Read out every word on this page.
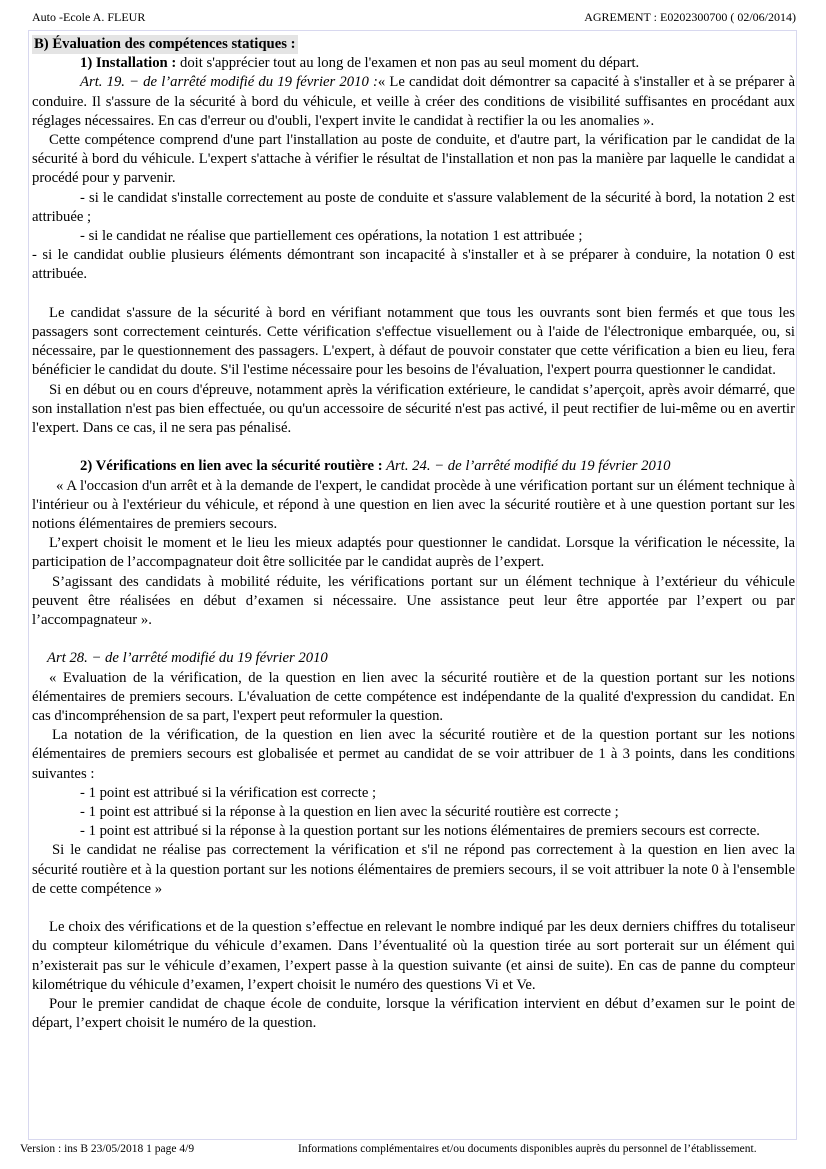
Auto -Ecole A. FLEUR	AGREMENT : E0202300700 ( 02/06/2014)

B) Évaluation des compétences statiques :

1) Installation : doit s'apprécier tout au long de l'examen et non pas au seul moment du départ.

Art. 19. − de l’arrêté modifié du 19 février 2010 :« Le candidat doit démontrer sa capacité à s'installer et à se préparer à conduire. Il s'assure de la sécurité à bord du véhicule, et veille à créer des conditions de visibilité suffisantes en procédant aux réglages nécessaires. En cas d'erreur ou d'oubli, l'expert invite le candidat à rectifier la ou les anomalies ».

Cette compétence comprend d'une part l'installation au poste de conduite, et d'autre part, la vérification par le candidat de la sécurité à bord du véhicule. L'expert s'attache à vérifier le résultat de l'installation et non pas la manière par laquelle le candidat a procédé pour y parvenir.

- si le candidat s'installe correctement au poste de conduite et s'assure valablement de la sécurité à bord, la notation 2 est attribuée ;

- si le candidat ne réalise que partiellement ces opérations, la notation 1 est attribuée ;

- si le candidat oublie plusieurs éléments démontrant son incapacité à s'installer et à se préparer à conduire, la notation 0 est attribuée.

Le candidat s'assure de la sécurité à bord en vérifiant notamment que tous les ouvrants sont bien fermés et que tous les passagers sont correctement ceinturés. Cette vérification s'effectue visuellement ou à l'aide de l'électronique embarquée, ou, si nécessaire, par le questionnement des passagers. L'expert, à défaut de pouvoir constater que cette vérification a bien eu lieu, fera bénéficier le candidat du doute. S'il l'estime nécessaire pour les besoins de l'évaluation, l'expert pourra questionner le candidat.

Si en début ou en cours d'épreuve, notamment après la vérification extérieure, le candidat s’aperçoit, après avoir démarré, que son installation n'est pas bien effectuée, ou qu'un accessoire de sécurité n'est pas activé, il peut rectifier de lui-même ou en avertir l'expert. Dans ce cas, il ne sera pas pénalisé.

2) Vérifications en lien avec la sécurité routière : Art. 24. − de l’arrêté modifié du 19 février 2010

« A l'occasion d'un arrêt et à la demande de l'expert, le candidat procède à une vérification portant sur un élément technique à l'intérieur ou à l'extérieur du véhicule, et répond à une question en lien avec la sécurité routière et à une question portant sur les notions élémentaires de premiers secours.

L’expert choisit le moment et le lieu les mieux adaptés pour questionner le candidat. Lorsque la vérification le nécessite, la participation de l’accompagnateur doit être sollicitée par le candidat auprès de l’expert.

S’agissant des candidats à mobilité réduite, les vérifications portant sur un élément technique à l’extérieur du véhicule peuvent être réalisées en début d’examen si nécessaire. Une assistance peut leur être apportée par l’expert ou par l’accompagnateur ».

Art 28. − de l’arrêté modifié du 19 février 2010

« Evaluation de la vérification, de la question en lien avec la sécurité routière et de la question portant sur les notions élémentaires de premiers secours. L'évaluation de cette compétence est indépendante de la qualité d'expression du candidat. En cas d'incompréhension de sa part, l'expert peut reformuler la question.

La notation de la vérification, de la question en lien avec la sécurité routière et de la question portant sur les notions élémentaires de premiers secours est globalisée et permet au candidat de se voir attribuer de 1 à 3 points, dans les conditions suivantes :

- 1 point est attribué si la vérification est correcte ;

- 1 point est attribué si la réponse à la question en lien avec la sécurité routière est correcte ;

- 1 point est attribué si la réponse à la question portant sur les notions élémentaires de premiers secours est correcte.

Si le candidat ne réalise pas correctement la vérification et s'il ne répond pas correctement à la question en lien avec la sécurité routière et à la question portant sur les notions élémentaires de premiers secours, il se voit attribuer la note 0 à l'ensemble de cette compétence »

Le choix des vérifications et de la question s’effectue en relevant le nombre indiqué par les deux derniers chiffres du totaliseur du compteur kilométrique du véhicule d’examen. Dans l’éventualité où la question tirée au sort porterait sur un élément qui n’existerait pas sur le véhicule d’examen, l’expert passe à la question suivante (et ainsi de suite). En cas de panne du compteur kilométrique du véhicule d’examen, l’expert choisit le numéro des questions Vi et Ve.

Pour le premier candidat de chaque école de conduite, lorsque la vérification intervient en début d’examen sur le point de départ, l’expert choisit le numéro de la question.

Version : ins B 23/05/2018 1 page 4/9	Informations complémentaires et/ou documents disponibles auprès du personnel de l’établissement.
